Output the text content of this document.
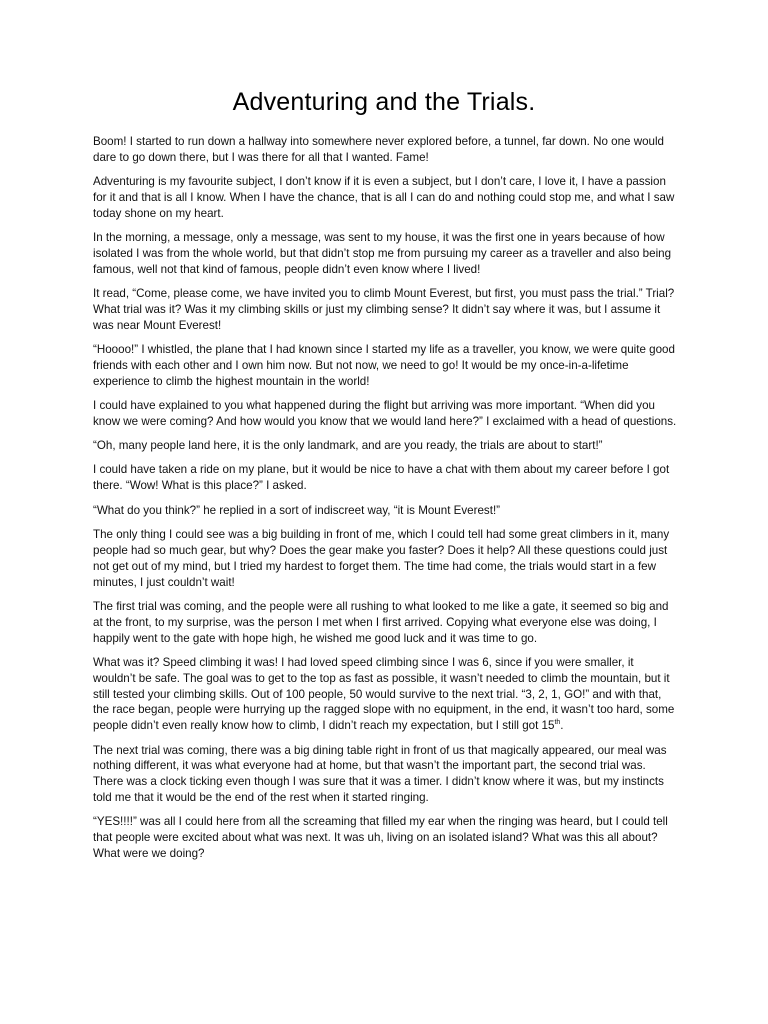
Adventuring and the Trials.

Boom! I started to run down a hallway into somewhere never explored before, a tunnel, far down. No one would dare to go down there, but I was there for all that I wanted. Fame!

Adventuring is my favourite subject, I don’t know if it is even a subject, but I don’t care, I love it, I have a passion for it and that is all I know. When I have the chance, that is all I can do and nothing could stop me, and what I saw today shone on my heart.

In the morning, a message, only a message, was sent to my house, it was the first one in years because of how isolated I was from the whole world, but that didn’t stop me from pursuing my career as a traveller and also being famous, well not that kind of famous, people didn’t even know where I lived!

It read, “Come, please come, we have invited you to climb Mount Everest, but first, you must pass the trial.” Trial? What trial was it? Was it my climbing skills or just my climbing sense? It didn’t say where it was, but I assume it was near Mount Everest!

“Hoooo!” I whistled, the plane that I had known since I started my life as a traveller, you know, we were quite good friends with each other and I own him now. But not now, we need to go! It would be my once-in-a-lifetime experience to climb the highest mountain in the world!

I could have explained to you what happened during the flight but arriving was more important. “When did you know we were coming? And how would you know that we would land here?” I exclaimed with a head of questions.

“Oh, many people land here, it is the only landmark, and are you ready, the trials are about to start!”

I could have taken a ride on my plane, but it would be nice to have a chat with them about my career before I got there. “Wow! What is this place?” I asked.

“What do you think?” he replied in a sort of indiscreet way, “it is Mount Everest!”

The only thing I could see was a big building in front of me, which I could tell had some great climbers in it, many people had so much gear, but why? Does the gear make you faster? Does it help? All these questions could just not get out of my mind, but I tried my hardest to forget them. The time had come, the trials would start in a few minutes, I just couldn’t wait!

The first trial was coming, and the people were all rushing to what looked to me like a gate, it seemed so big and at the front, to my surprise, was the person I met when I first arrived. Copying what everyone else was doing, I happily went to the gate with hope high, he wished me good luck and it was time to go.

What was it? Speed climbing it was! I had loved speed climbing since I was 6, since if you were smaller, it wouldn’t be safe. The goal was to get to the top as fast as possible, it wasn’t needed to climb the mountain, but it still tested your climbing skills. Out of 100 people, 50 would survive to the next trial. “3, 2, 1, GO!” and with that, the race began, people were hurrying up the ragged slope with no equipment, in the end, it wasn’t too hard, some people didn’t even really know how to climb, I didn’t reach my expectation, but I still got 15th.

The next trial was coming, there was a big dining table right in front of us that magically appeared, our meal was nothing different, it was what everyone had at home, but that wasn’t the important part, the second trial was. There was a clock ticking even though I was sure that it was a timer. I didn’t know where it was, but my instincts told me that it would be the end of the rest when it started ringing.

“YES!!!!” was all I could here from all the screaming that filled my ear when the ringing was heard, but I could tell that people were excited about what was next. It was uh, living on an isolated island? What was this all about? What were we doing?
